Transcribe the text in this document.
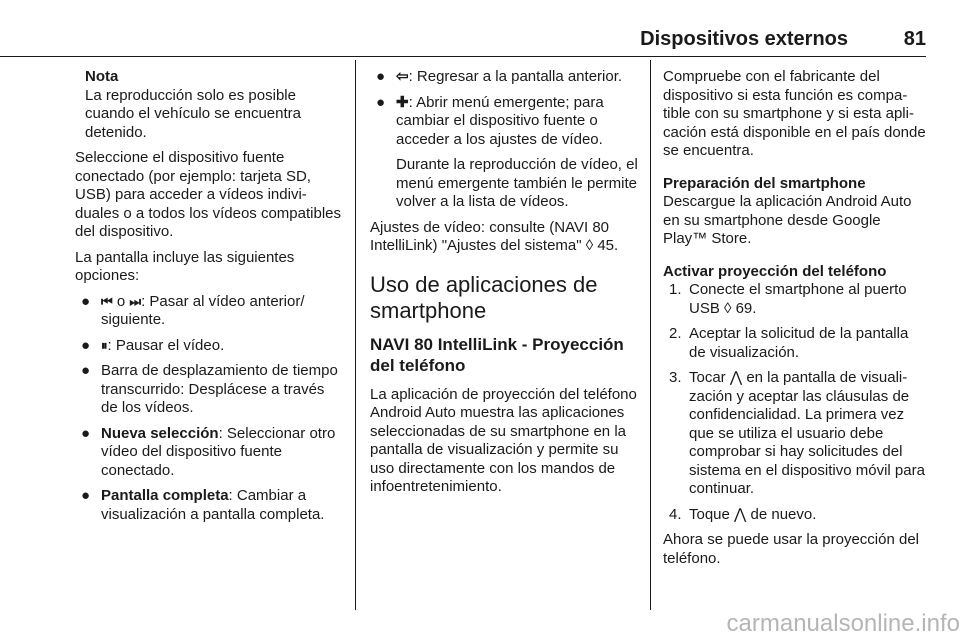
Dispositivos externos	81
Nota
La reproducción solo es posible cuando el vehículo se encuentra detenido.

Seleccione el dispositivo fuente conectado (por ejemplo: tarjeta SD, USB) para acceder a vídeos individuales o a todos los vídeos compatibles del dispositivo.

La pantalla incluye las siguientes opciones:

● ⏮ o ⏭: Pasar al vídeo anterior/ siguiente.
● ⏸: Pausar el vídeo.
● Barra de desplazamiento de tiempo transcurrido: Desplácese a través de los vídeos.
● Nueva selección: Seleccionar otro vídeo del dispositivo fuente conectado.
● Pantalla completa: Cambiar a visualización a pantalla completa.
● ⇦: Regresar a la pantalla anterior.
● ✚: Abrir menú emergente; para cambiar el dispositivo fuente o acceder a los ajustes de vídeo.
Durante la reproducción de vídeo, el menú emergente también le permite volver a la lista de vídeos.

Ajustes de vídeo: consulte (NAVI 80 IntelliLink) "Ajustes del sistema" ◊ 45.

Uso de aplicaciones de smartphone
NAVI 80 IntelliLink - Proyección del teléfono

La aplicación de proyección del teléfono Android Auto muestra las aplicaciones seleccionadas de su smartphone en la pantalla de visualización y permite su uso directamente con los mandos de infoentretenimiento.

Compruebe con el fabricante del dispositivo si esta función es compatible con su smartphone y si esta aplicación está disponible en el país donde se encuentra.

Preparación del smartphone

Descargue la aplicación Android Auto en su smartphone desde Google Play™ Store.

Activar proyección del teléfono
1. Conecte el smartphone al puerto USB ◊ 69.
2. Aceptar la solicitud de la pantalla de visualización.
3. Tocar ⋀ en la pantalla de visualización y aceptar las cláusulas de confidencialidad. La primera vez que se utiliza el usuario debe comprobar si hay solicitudes del sistema en el dispositivo móvil para continuar.
4. Toque ⋀ de nuevo.

Ahora se puede usar la proyección del teléfono.

carmanualsonline.info
